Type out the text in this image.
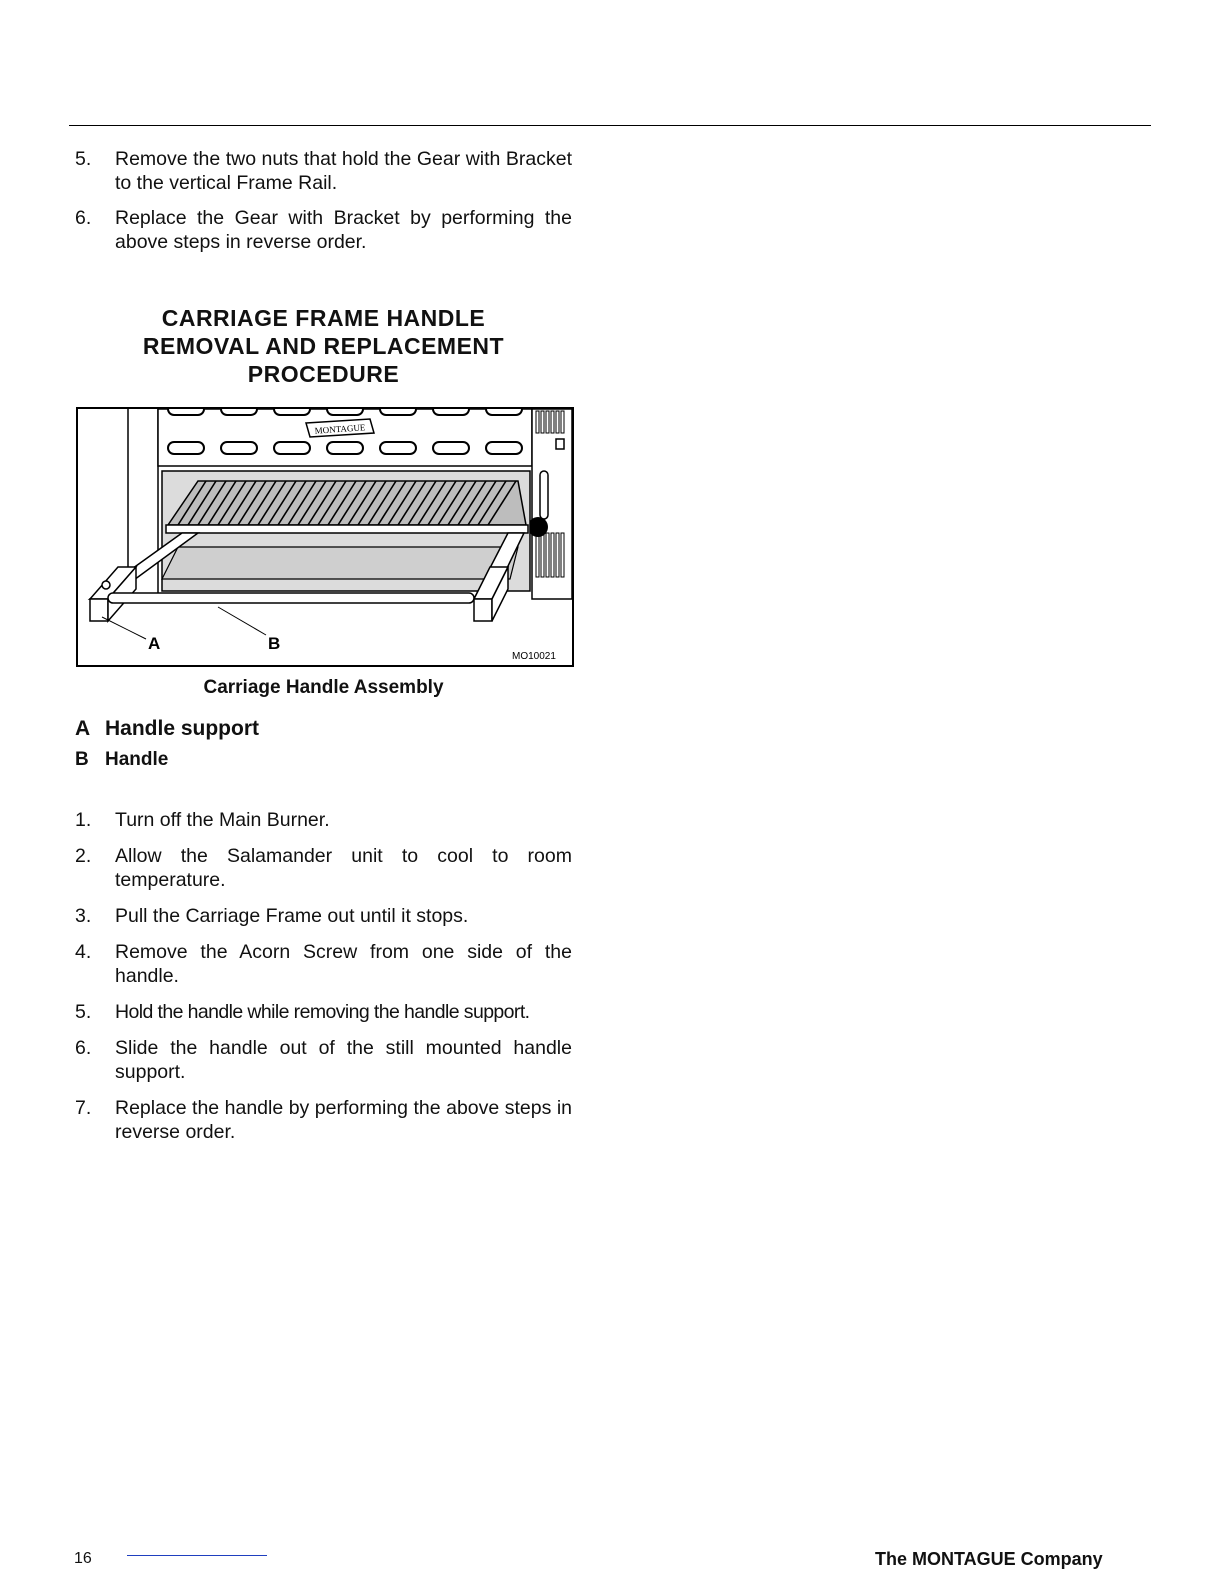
5.	Remove the two nuts that hold the Gear with Bracket to the vertical Frame Rail.
6.	Replace the Gear with Bracket by performing the above steps in reverse order.
CARRIAGE FRAME HANDLE
REMOVAL AND REPLACEMENT
PROCEDURE
MONTAGUE
A	B
MO10021
Carriage Handle Assembly
A Handle support
B Handle
1.	Turn off the Main Burner.
2.	Allow the Salamander unit to cool to room temperature.
3.	Pull the Carriage Frame out until it stops.
4.	Remove the Acorn Screw from one side of the handle.
5.	Hold the handle while removing the handle support.
6.	Slide the handle out of the still mounted handle support.
7.	Replace the handle by performing the above steps in reverse order.
16	The MONTAGUE Company
